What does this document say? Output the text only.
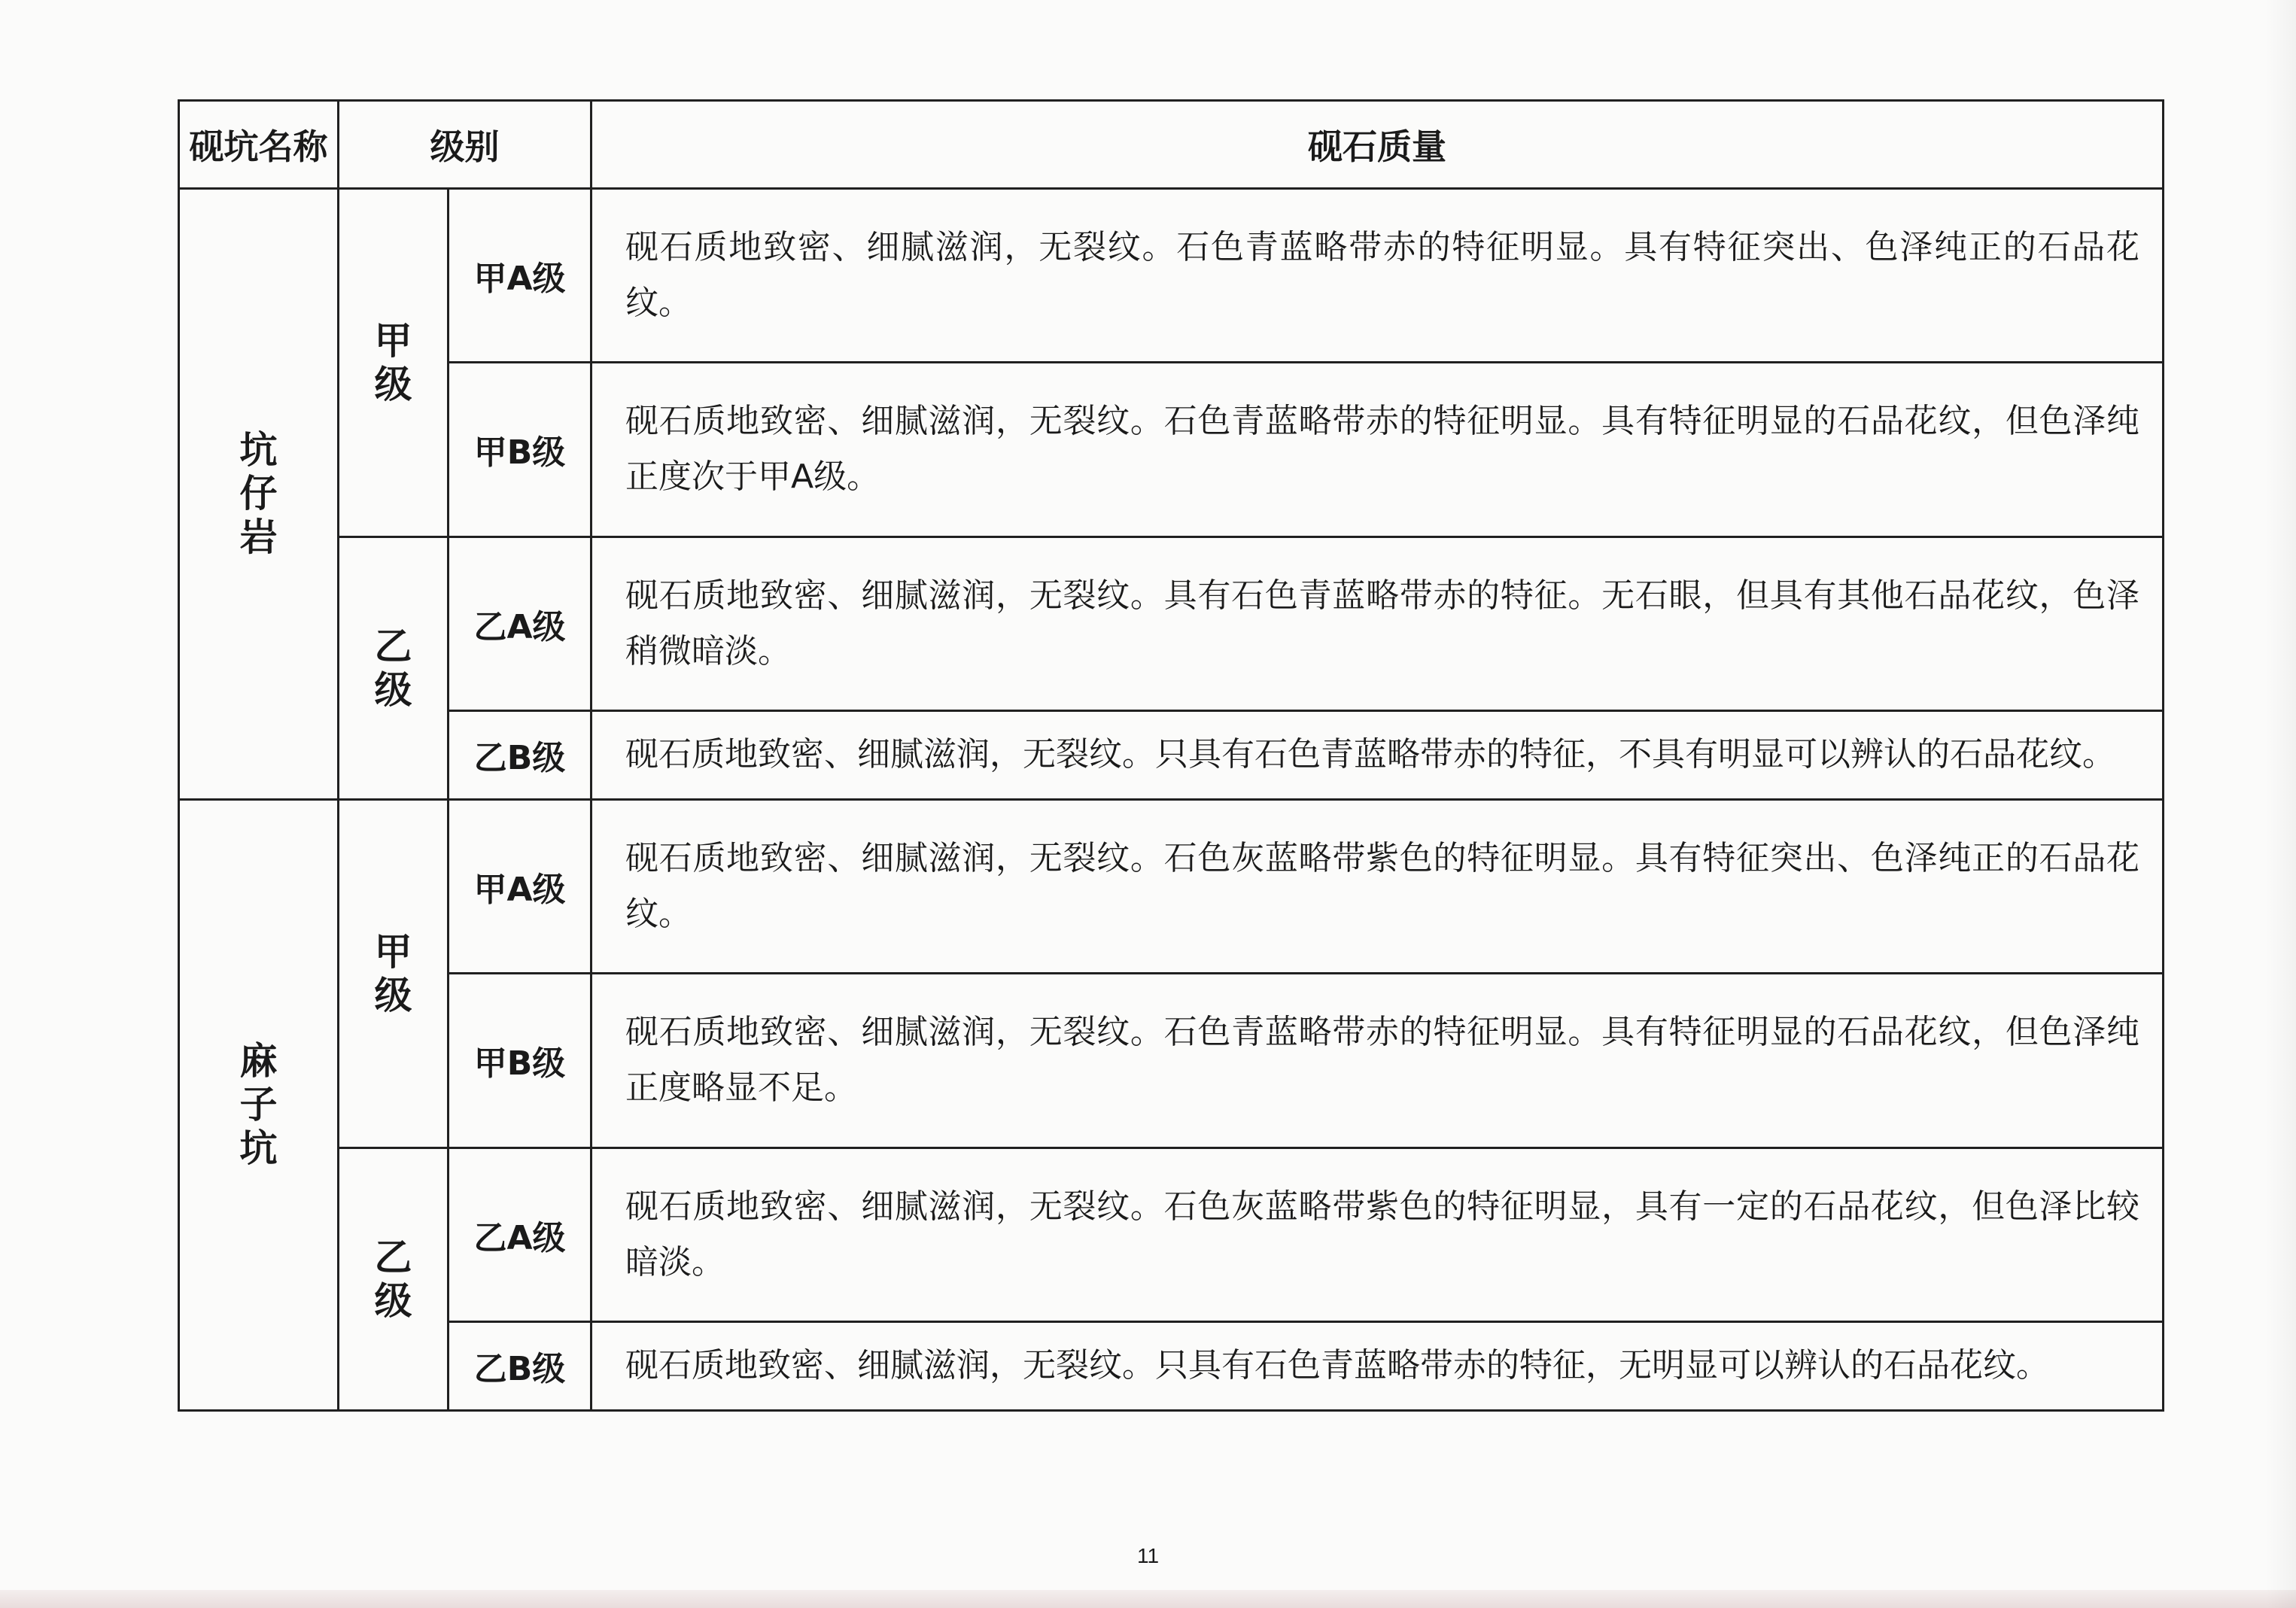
砚坑名称	级别		砚石质量
坑仔岩	甲级	甲A级	砚石质地致密、细腻滋润，无裂纹。石色青蓝略带赤的特征明显。具有特征突出、色泽纯正的石品花纹。
		甲B级	砚石质地致密、细腻滋润，无裂纹。石色青蓝略带赤的特征明显。具有特征明显的石品花纹，但色泽纯正度次于甲A级。
	乙级	乙A级	砚石质地致密、细腻滋润，无裂纹。具有石色青蓝略带赤的特征。无石眼，但具有其他石品花纹，色泽稍微暗淡。
		乙B级	砚石质地致密、细腻滋润，无裂纹。只具有石色青蓝略带赤的特征，不具有明显可以辨认的石品花纹。
麻子坑	甲级	甲A级	砚石质地致密、细腻滋润，无裂纹。石色灰蓝略带紫色的特征明显。具有特征突出、色泽纯正的石品花纹。
		甲B级	砚石质地致密、细腻滋润，无裂纹。石色青蓝略带赤的特征明显。具有特征明显的石品花纹，但色泽纯正度略显不足。
	乙级	乙A级	砚石质地致密、细腻滋润，无裂纹。石色灰蓝略带紫色的特征明显，具有一定的石品花纹，但色泽比较暗淡。
		乙B级	砚石质地致密、细腻滋润，无裂纹。只具有石色青蓝略带赤的特征，无明显可以辨认的石品花纹。
11
